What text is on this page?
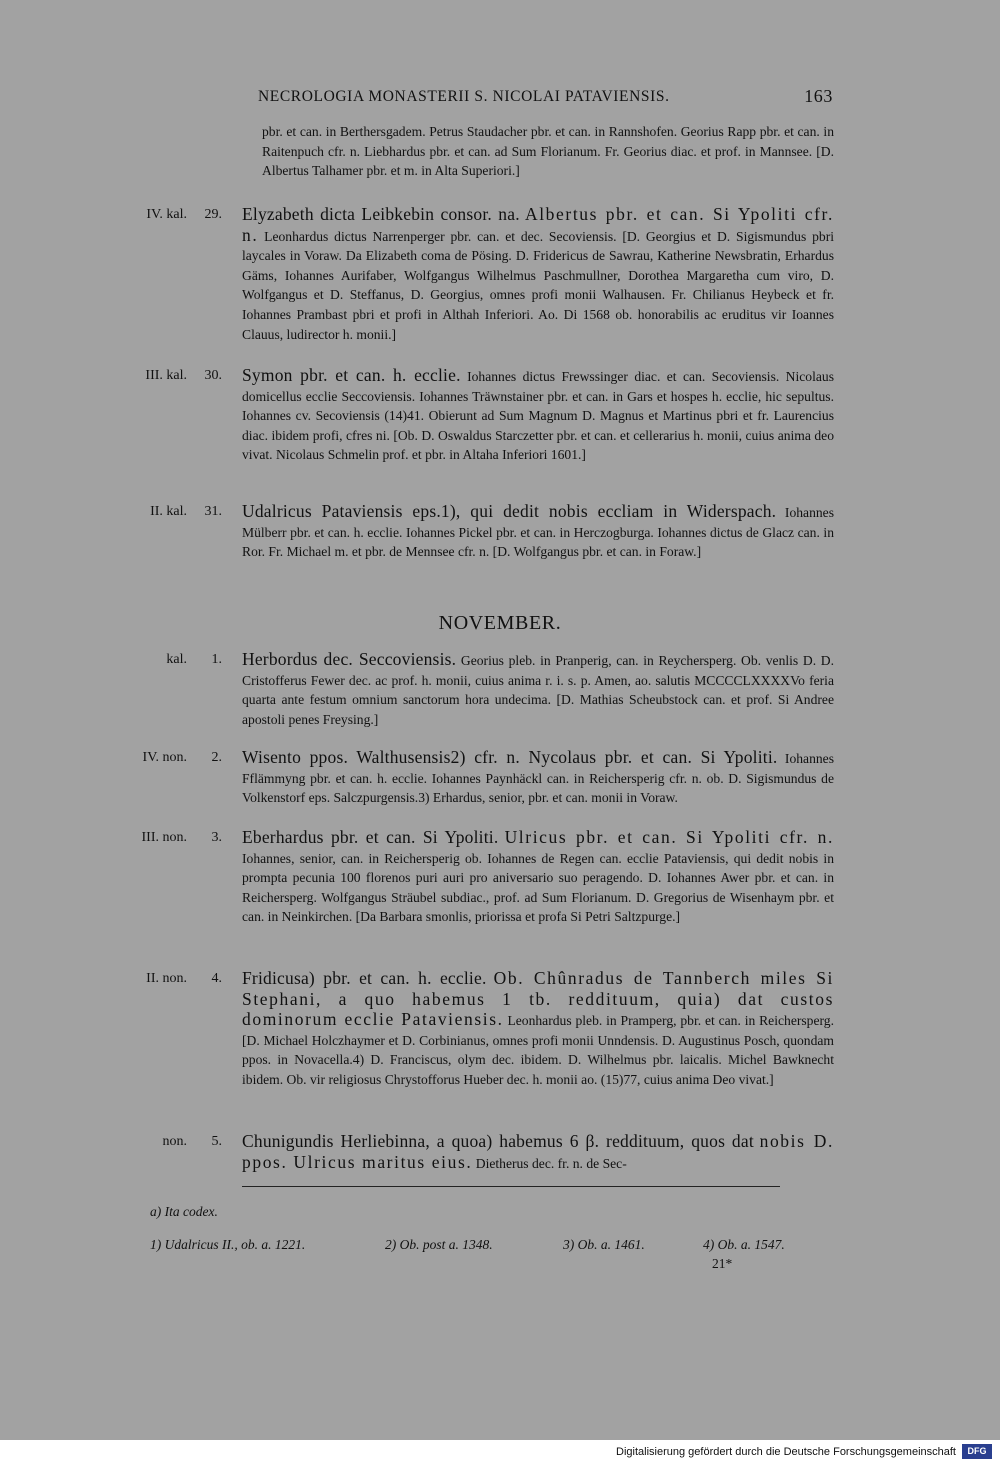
NECROLOGIA MONASTERII S. NICOLAI PATAVIENSIS.	163
pbr. et can. in Berthersgadem. Petrus Staudacher pbr. et can. in Rannshofen. Georius Rapp pbr. et can. in Raitenpuch cfr. n. Liebhardus pbr. et can. ad Sum Florianum. Fr. Georius diac. et prof. in Mannsee. [D. Albertus Talhamer pbr. et m. in Alta Superiori.]
IV. kal.	29. Elyzabeth dicta Leibkebin consor. na. Albertus pbr. et can. Si Ypoliti cfr. n. Leonhardus dictus Narrenperger pbr. can. et dec. Secoviensis. [D. Georgius et D. Sigismundus pbri laycales in Voraw. Da Elizabeth coma de Pösing. D. Fridericus de Sawrau, Katherine Newsbratin, Erhardus Gäms, Iohannes Aurifaber, Wolfgangus Wilhelmus Paschmullner, Dorothea Margaretha cum viro, D. Wolfgangus et D. Steffanus, D. Georgius, omnes profi monii Walhausen. Fr. Chilianus Heybeck et fr. Iohannes Prambast pbri et profi in Althah Inferiori. Ao. Di 1568 ob. honorabilis ac eruditus vir Ioannes Clauus, ludirector h. monii.]
III. kal.	30. Symon pbr. et can. h. ecclie. Iohannes dictus Frewssinger diac. et can. Secoviensis. Nicolaus domicellus ecclie Seccoviensis. Iohannes Träwnstainer pbr. et can. in Gars et hospes h. ecclie, hic sepultus. Iohannes cv. Secoviensis (14)41. Obierunt ad Sum Magnum D. Magnus et Martinus pbri et fr. Laurencius diac. ibidem profi, cfres ni. [Ob. D. Oswaldus Starczetter pbr. et can. et cellerarius h. monii, cuius anima deo vivat. Nicolaus Schmelin prof. et pbr. in Altaha Inferiori 1601.]
II. kal.	31. Udalricus Pataviensis eps.1), qui dedit nobis eccliam in Widerspach. Iohannes Mülberr pbr. et can. h. ecclie. Iohannes Pickel pbr. et can. in Herczogburga. Iohannes dictus de Glacz can. in Ror. Fr. Michael m. et pbr. de Mennsee cfr. n. [D. Wolfgangus pbr. et can. in Foraw.]
NOVEMBER.
kal.	1. Herbordus dec. Seccoviensis. Georius pleb. in Pranperig, can. in Reychersperg. Ob. venlis D. D. Cristofferus Fewer dec. ac prof. h. monii, cuius anima r. i. s. p. Amen, ao. salutis MCCCCLXXXXVo feria quarta ante festum omnium sanctorum hora undecima. [D. Mathias Scheubstock can. et prof. Si Andree apostoli penes Freysing.]
IV. non.	2. Wisento ppos. Walthusensis2) cfr. n. Nycolaus pbr. et can. Si Ypoliti. Iohannes Fflämmyng pbr. et can. h. ecclie. Iohannes Paynhäckl can. in Reichersperig cfr. n. ob. D. Sigismundus de Volkenstorf eps. Salczpurgensis.3) Erhardus, senior, pbr. et can. monii in Voraw.
III. non.	3. Eberhardus pbr. et can. Si Ypoliti. Ulricus pbr. et can. Si Ypoliti cfr. n. Iohannes, senior, can. in Reichersperig ob. Iohannes de Regen can. ecclie Pataviensis, qui dedit nobis in prompta pecunia 100 florenos puri auri pro aniversario suo peragendo. D. Iohannes Awer pbr. et can. in Reichersperg. Wolfgangus Sträubel subdiac., prof. ad Sum Florianum. D. Gregorius de Wisenhaym pbr. et can. in Neinkirchen. [Da Barbara smonlis, priorissa et profa Si Petri Saltzpurge.]
II. non.	4. Fridicusa) pbr. et can. h. ecclie. Ob. Chûnradus de Tannberch miles Si Stephani, a quo habemus 1 tb. reddituum, quia) dat custos dominorum ecclie Pataviensis. Leonhardus pleb. in Pramperg, pbr. et can. in Reichersperg. [D. Michael Holczhaymer et D. Corbinianus, omnes profi monii Unndensis. D. Augustinus Posch, quondam ppos. in Novacella.4) D. Franciscus, olym dec. ibidem. D. Wilhelmus pbr. laicalis. Michel Bawknecht ibidem. Ob. vir religiosus Chrystofforus Hueber dec. h. monii ao. (15)77, cuius anima Deo vivat.]
non.	5. Chunigundis Herliebinna, a quoa) habemus 6 β. reddituum, quos dat nobis D. ppos. Ulricus maritus eius. Dietherus dec. fr. n. de Sec-
a) Ita codex.
1) Udalricus II., ob. a. 1221.	2) Ob. post a. 1348.	3) Ob. a. 1461.	4) Ob. a. 1547.
21*
Digitalisierung gefördert durch die Deutsche Forschungsgemeinschaft	DFG
